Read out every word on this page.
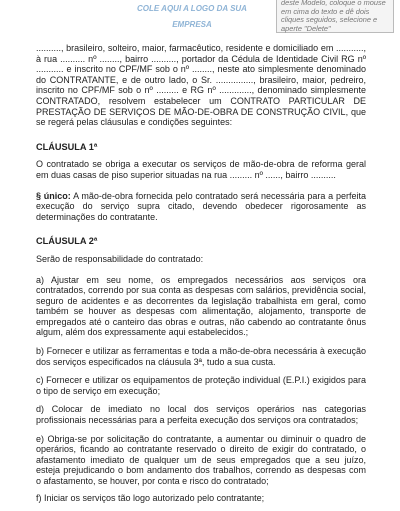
COLE AQUI A LOGO DA SUA EMPRESA
deste Modelo, coloque o mouse em cima do texto e dê dois cliques seguidos, selecione e aperte "Delete"

.........., brasileiro, solteiro, maior, farmacêutico, residente e domiciliado em ..........., à rua .......... nº ........, bairro .........., portador da Cédula de Identidade Civil RG nº ........... e inscrito no CPF/MF sob o nº ........, neste ato simplesmente denominado do CONTRATANTE, e de outro lado, o Sr. ..............., brasileiro, maior, pedreiro, inscrito no CPF/MF sob o nº ......... e RG nº ............., denominado simplesmente CONTRATADO, resolvem estabelecer um CONTRATO PARTICULAR DE PRESTAÇÃO DE SERVIÇOS DE MÃO-DE-OBRA DE CONSTRUÇÃO CIVIL, que se regerá pelas cláusulas e condições seguintes:

CLÁUSULA 1ª

O contratado se obriga a executar os serviços de mão-de-obra de reforma geral em duas casas de piso superior situadas na rua ......... nº ......, bairro ..........

§ único: A mão-de-obra fornecida pelo contratado será necessária para a perfeita execução do serviço supra citado, devendo obedecer rigorosamente as determinações do contratante.

CLÁUSULA 2ª

Serão de responsabilidade do contratado:

a) Ajustar em seu nome, os empregados necessários aos serviços ora contratados, correndo por sua conta as despesas com salários, previdência social, seguro de acidentes e as decorrentes da legislação trabalhista em geral, como também se houver as despesas com alimentação, alojamento, transporte de empregados até o canteiro das obras e outras, não cabendo ao contratante ônus algum, além dos expressamente aqui estabelecidos.;

b) Fornecer e utilizar as ferramentas e toda a mão-de-obra necessária à execução dos serviços especificados na cláusula 3ª, tudo a sua custa.

c) Fornecer e utilizar os equipamentos de proteção individual (E.P.I.) exigidos para o tipo de serviço em execução;

d) Colocar de imediato no local dos serviços operários nas categorias profissionais necessárias para a perfeita execução dos serviços ora contratados;

e) Obriga-se por solicitação do contratante, a aumentar ou diminuir o quadro de operários, ficando ao contratante reservado o direito de exigir do contratado, o afastamento imediato de qualquer um de seus empregados que a seu juízo, esteja prejudicando o bom andamento dos trabalhos, correndo as despesas com o afastamento, se houver, por conta e risco do contratado;

f) Iniciar os serviços tão logo autorizado pelo contratante;
